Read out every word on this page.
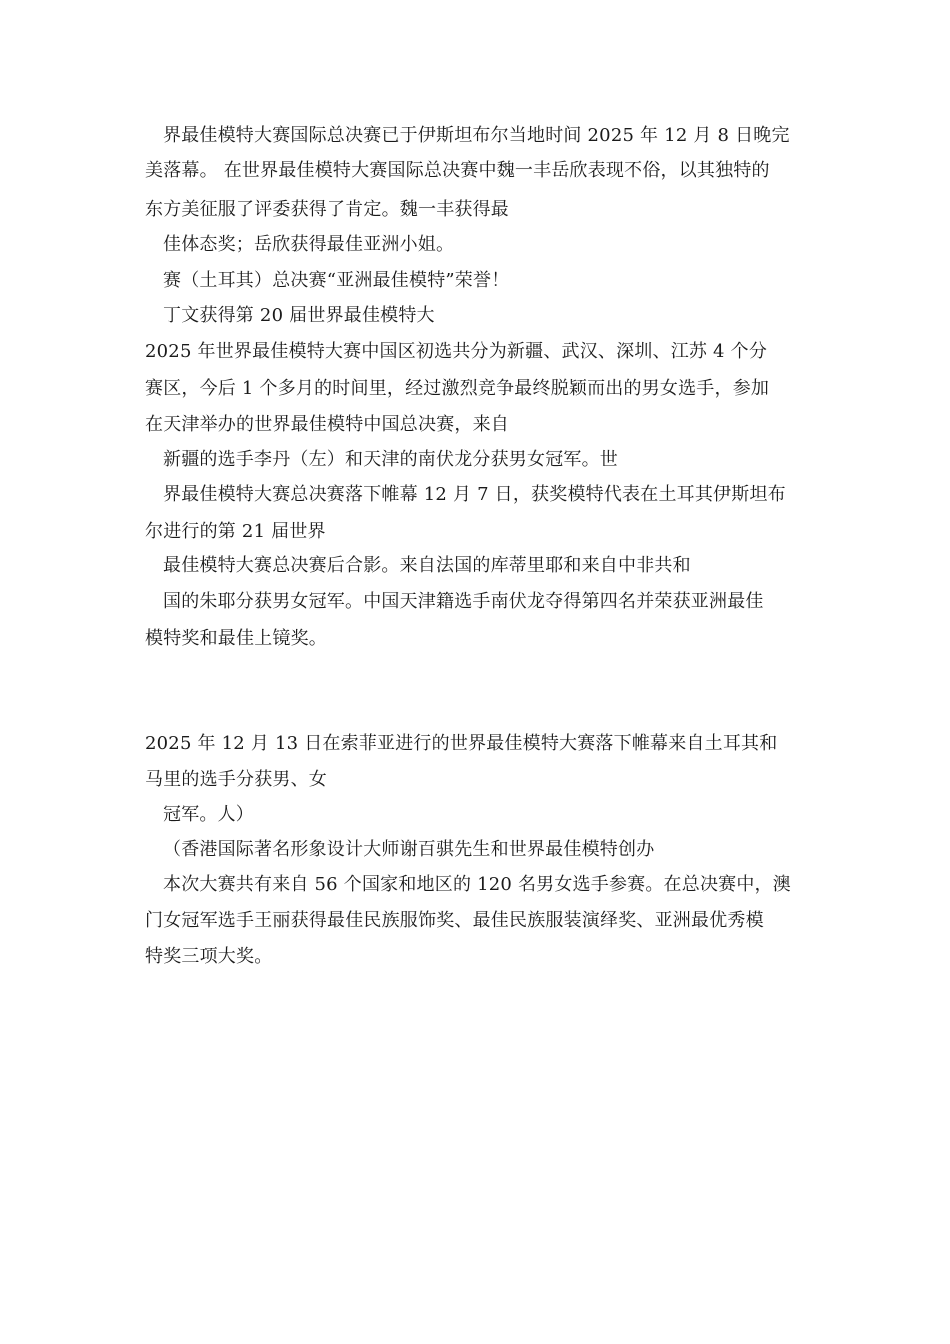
界最佳模特大赛国际总决赛已于伊斯坦布尔当地时间 2025 年 12 月 8 日晚完
美落幕。 在世界最佳模特大赛国际总决赛中魏一丰岳欣表现不俗，以其独特的
东方美征服了评委获得了肯定。魏一丰获得最
佳体态奖；岳欣获得最佳亚洲小姐。
赛（土耳其）总决赛“亚洲最佳模特”荣誉！
丁文获得第 20 届世界最佳模特大
2025 年世界最佳模特大赛中国区初选共分为新疆、武汉、深圳、江苏 4 个分
赛区，今后 1 个多月的时间里，经过激烈竞争最终脱颖而出的男女选手，参加
在天津举办的世界最佳模特中国总决赛，来自
新疆的选手李丹（左）和天津的南伏龙分获男女冠军。世
界最佳模特大赛总决赛落下帷幕 12 月 7 日，获奖模特代表在土耳其伊斯坦布
尔进行的第 21 届世界
最佳模特大赛总决赛后合影。来自法国的库蒂里耶和来自中非共和
国的朱耶分获男女冠军。中国天津籍选手南伏龙夺得第四名并荣获亚洲最佳
模特奖和最佳上镜奖。
2025 年 12 月 13 日在索菲亚进行的世界最佳模特大赛落下帷幕来自土耳其和
马里的选手分获男、女
冠军。人）
（香港国际著名形象设计大师谢百骐先生和世界最佳模特创办
本次大赛共有来自 56 个国家和地区的 120 名男女选手参赛。在总决赛中，澳
门女冠军选手王丽获得最佳民族服饰奖、最佳民族服装演绎奖、亚洲最优秀模
特奖三项大奖。
